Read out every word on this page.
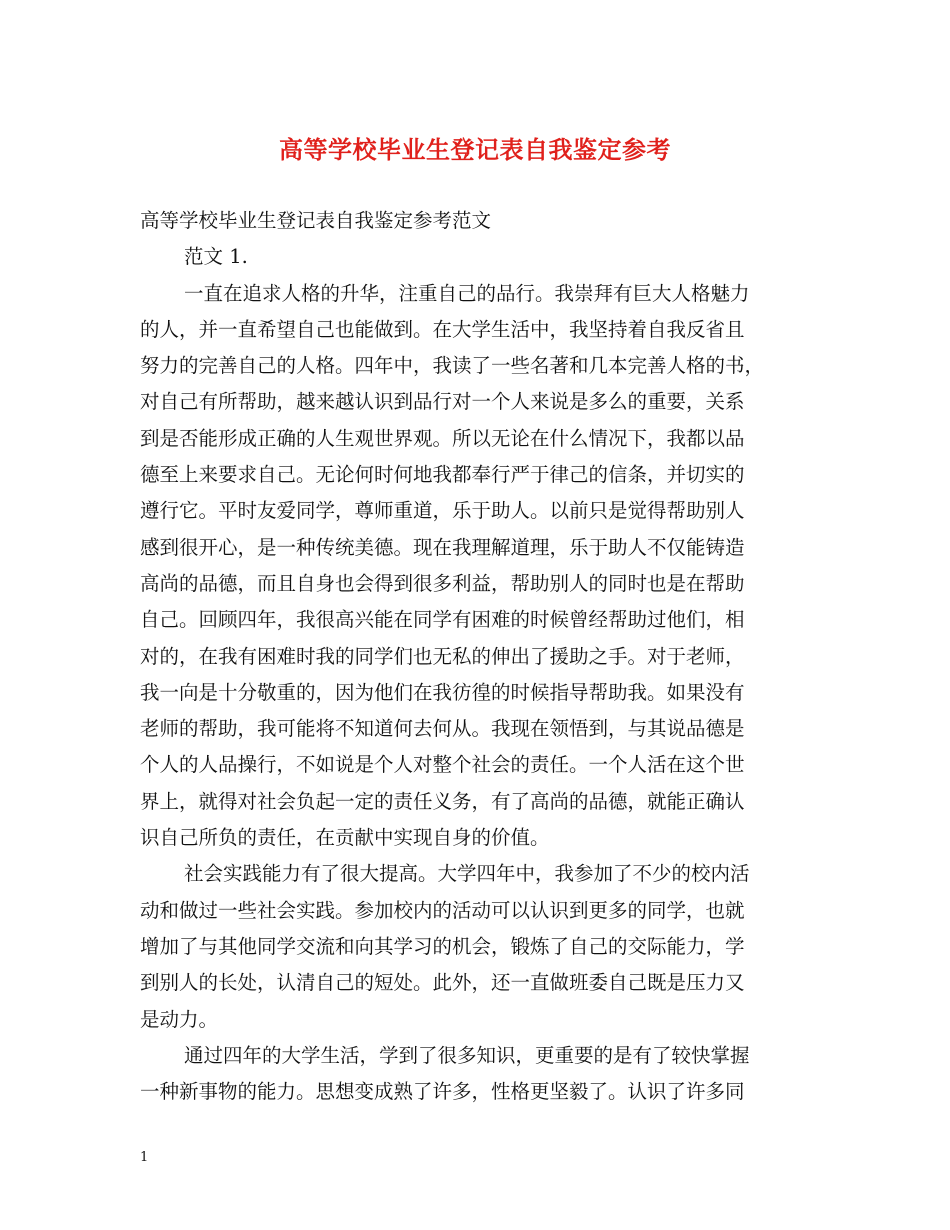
高等学校毕业生登记表自我鉴定参考
高等学校毕业生登记表自我鉴定参考范文
范文 1.
一直在追求人格的升华，注重自己的品行。我崇拜有巨大人格魅力
的人，并一直希望自己也能做到。在大学生活中，我坚持着自我反省且
努力的完善自己的人格。四年中，我读了一些名著和几本完善人格的书，
对自己有所帮助，越来越认识到品行对一个人来说是多么的重要，关系
到是否能形成正确的人生观世界观。所以无论在什么情况下，我都以品
德至上来要求自己。无论何时何地我都奉行严于律己的信条，并切实的
遵行它。平时友爱同学，尊师重道，乐于助人。以前只是觉得帮助别人
感到很开心，是一种传统美德。现在我理解道理，乐于助人不仅能铸造
高尚的品德，而且自身也会得到很多利益，帮助别人的同时也是在帮助
自己。回顾四年，我很高兴能在同学有困难的时候曾经帮助过他们，相
对的，在我有困难时我的同学们也无私的伸出了援助之手。对于老师，
我一向是十分敬重的，因为他们在我彷徨的时候指导帮助我。如果没有
老师的帮助，我可能将不知道何去何从。我现在领悟到，与其说品德是
个人的人品操行，不如说是个人对整个社会的责任。一个人活在这个世
界上，就得对社会负起一定的责任义务，有了高尚的品德，就能正确认
识自己所负的责任，在贡献中实现自身的价值。
社会实践能力有了很大提高。大学四年中，我参加了不少的校内活
动和做过一些社会实践。参加校内的活动可以认识到更多的同学，也就
增加了与其他同学交流和向其学习的机会，锻炼了自己的交际能力，学
到别人的长处，认清自己的短处。此外，还一直做班委自己既是压力又
是动力。
通过四年的大学生活，学到了很多知识，更重要的是有了较快掌握
一种新事物的能力。思想变成熟了许多，性格更坚毅了。认识了许多同
1
